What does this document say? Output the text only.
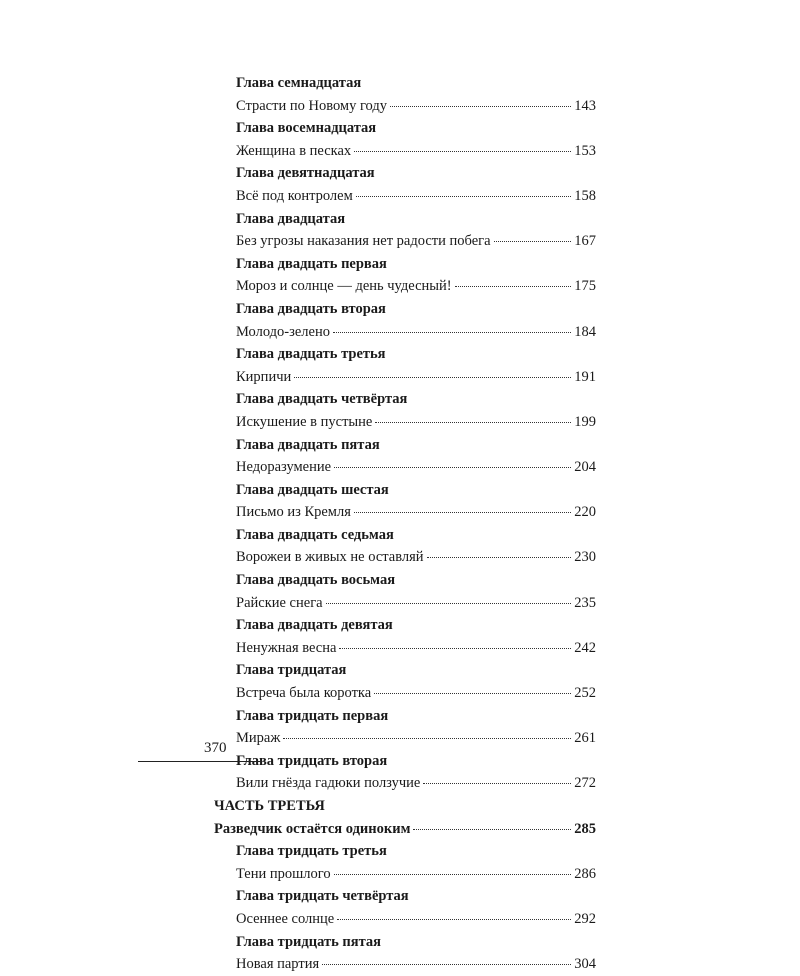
Глава семнадцатая
Страсти по Новому году	143
Глава восемнадцатая
Женщина в песках	153
Глава девятнадцатая
Всё под контролем	158
Глава двадцатая
Без угрозы наказания нет радости побега	167
Глава двадцать первая
Мороз и солнце — день чудесный!	175
Глава двадцать вторая
Молодо-зелено	184
Глава двадцать третья
Кирпичи	191
Глава двадцать четвёртая
Искушение в пустыне	199
Глава двадцать пятая
Недоразумение	204
Глава двадцать шестая
Письмо из Кремля	220
Глава двадцать седьмая
Ворожеи в живых не оставляй	230
Глава двадцать восьмая
Райские снега	235
Глава двадцать девятая
Ненужная весна	242
Глава тридцатая
Встреча была коротка	252
Глава тридцать первая
Мираж	261
Глава тридцать вторая
Вили гнёзда гадюки ползучие	272
ЧАСТЬ ТРЕТЬЯ
Разведчик остаётся одиноким	285
Глава тридцать третья
Тени прошлого	286
Глава тридцать четвёртая
Осеннее солнце	292
Глава тридцать пятая
Новая партия	304
370
